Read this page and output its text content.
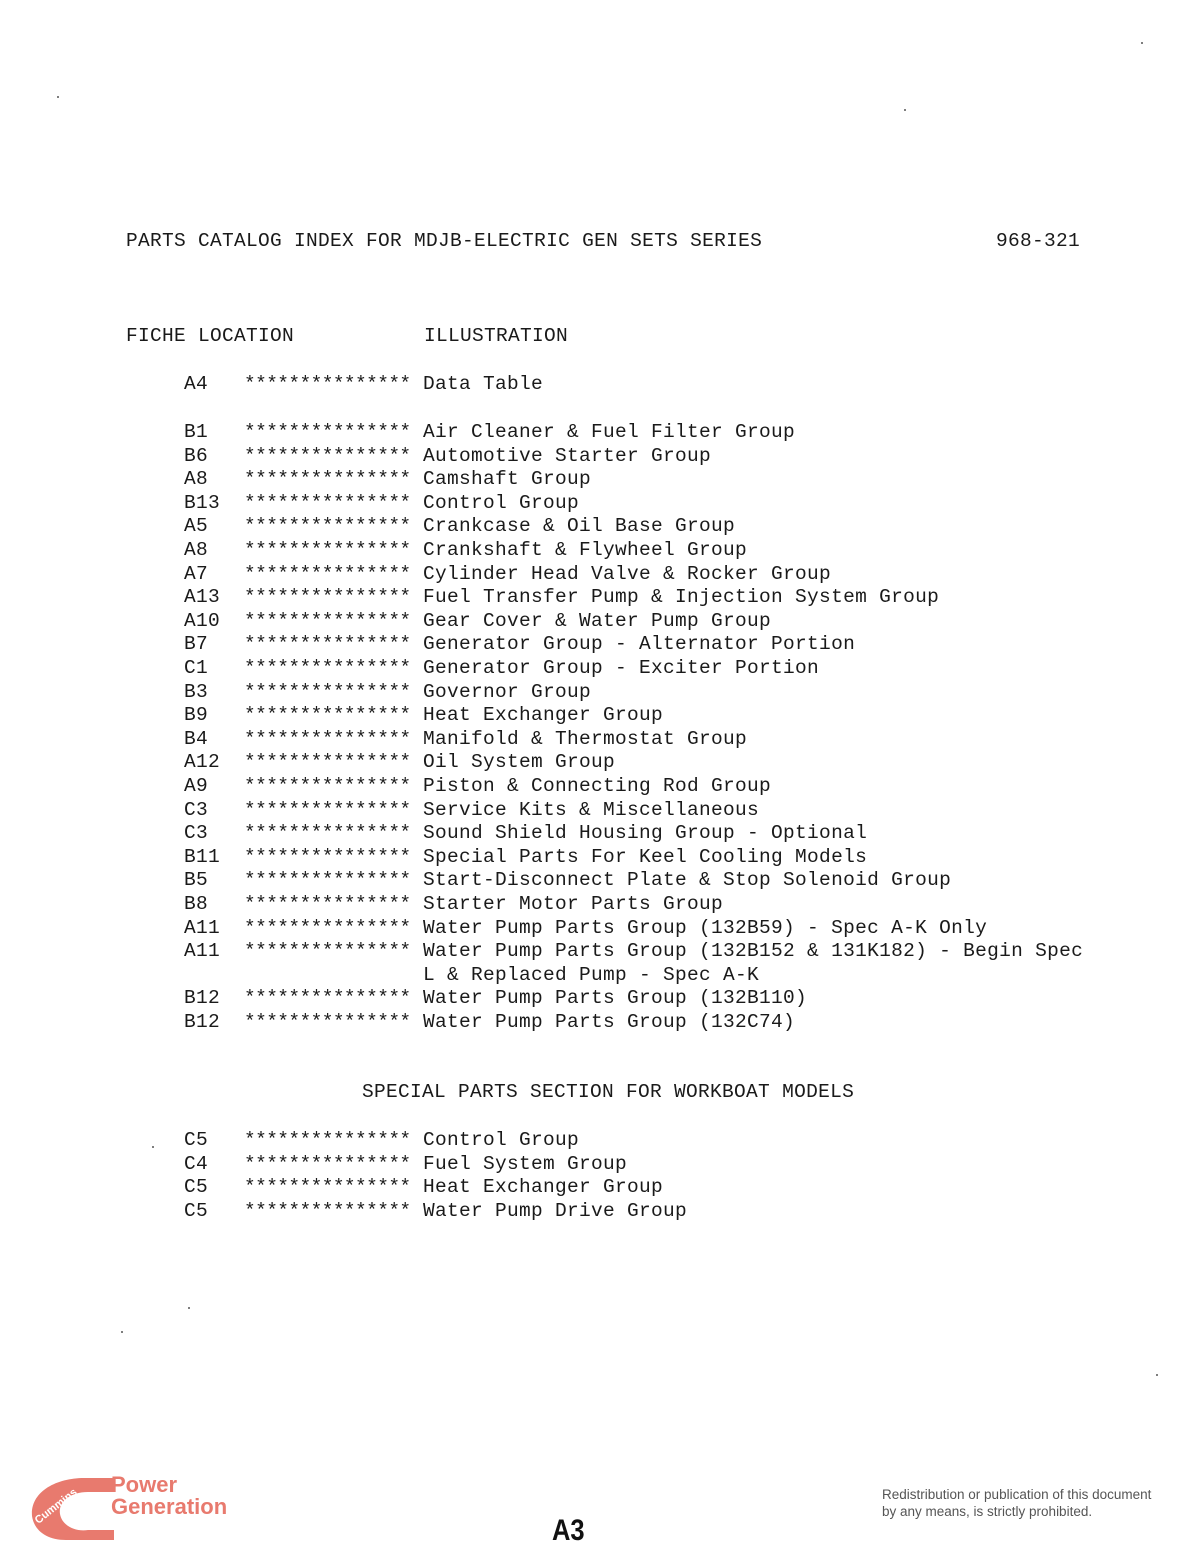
PARTS CATALOG INDEX FOR MDJB-ELECTRIC GEN SETS SERIES	968-321
FICHE LOCATION	ILLUSTRATION
A4 *************** Data Table
B1 *************** Air Cleaner & Fuel Filter Group
B6 *************** Automotive Starter Group
A8 *************** Camshaft Group
B13 *************** Control Group
A5 *************** Crankcase & Oil Base Group
A8 *************** Crankshaft & Flywheel Group
A7 *************** Cylinder Head Valve & Rocker Group
A13 *************** Fuel Transfer Pump & Injection System Group
A10 *************** Gear Cover & Water Pump Group
B7 *************** Generator Group - Alternator Portion
C1 *************** Generator Group - Exciter Portion
B3 *************** Governor Group
B9 *************** Heat Exchanger Group
B4 *************** Manifold & Thermostat Group
A12 *************** Oil System Group
A9 *************** Piston & Connecting Rod Group
C3 *************** Service Kits & Miscellaneous
C3 *************** Sound Shield Housing Group - Optional
B11 *************** Special Parts For Keel Cooling Models
B5 *************** Start-Disconnect Plate & Stop Solenoid Group
B8 *************** Starter Motor Parts Group
A11 *************** Water Pump Parts Group (132B59) - Spec A-K Only
A11 *************** Water Pump Parts Group (132B152 & 131K182) - Begin Spec
L & Replaced Pump - Spec A-K
B12 *************** Water Pump Parts Group (132B110)
B12 *************** Water Pump Parts Group (132C74)
SPECIAL PARTS SECTION FOR WORKBOAT MODELS
C5 *************** Control Group
C4 *************** Fuel System Group
C5 *************** Heat Exchanger Group
C5 *************** Water Pump Drive Group
Cummins
Power
Generation	Redistribution or publication of this document
by any means, is strictly prohibited.
A3
